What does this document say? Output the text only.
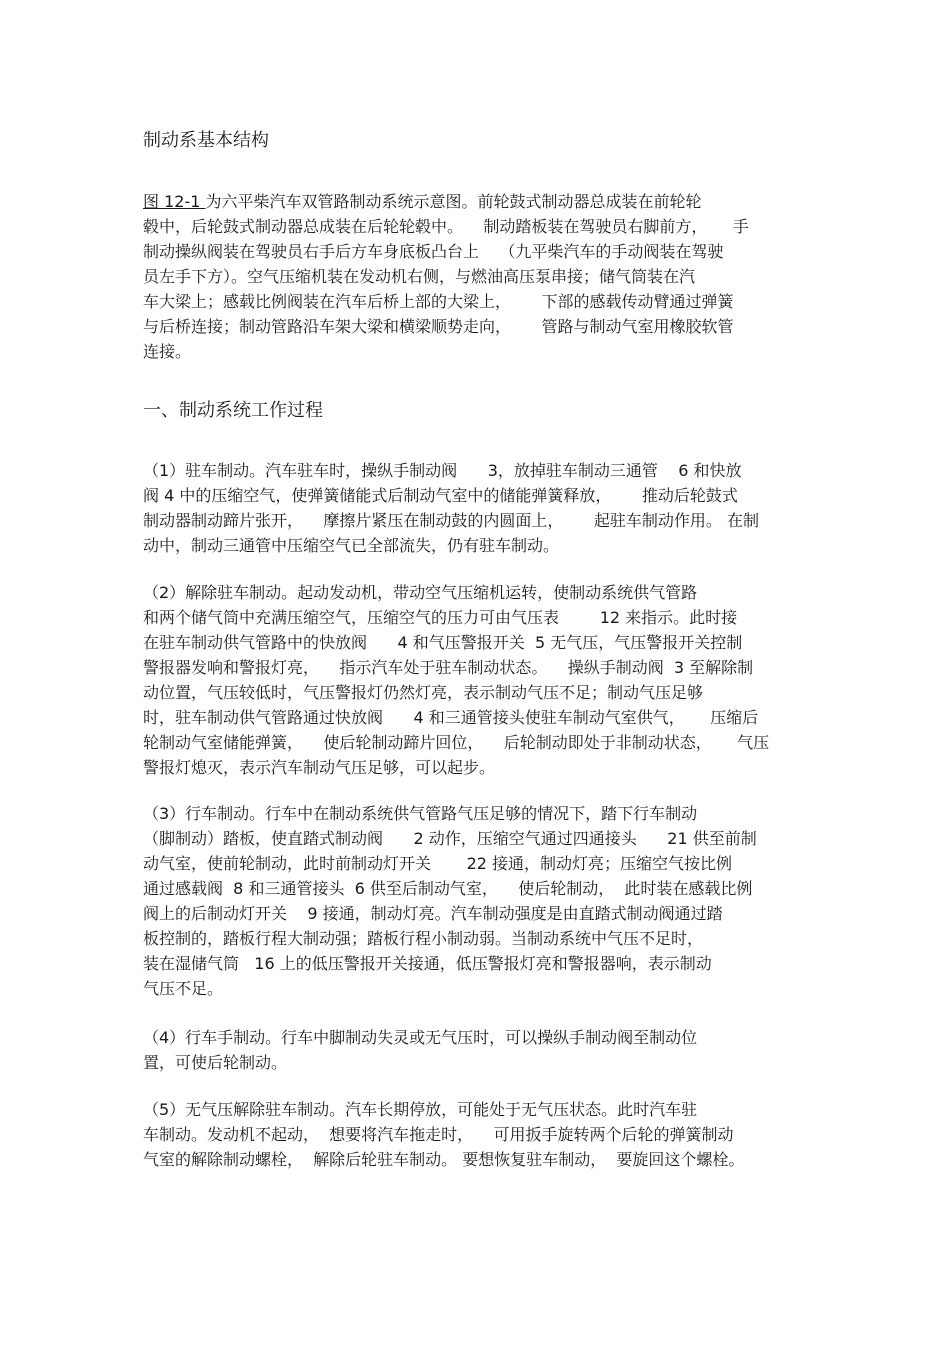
制动系基本结构
图 12-1 为六平柴汽车双管路制动系统示意图。前轮鼓式制动器总成装在前轮轮
毂中，后轮鼓式制动器总成装在后轮轮毂中。    制动踏板装在驾驶员右脚前方，     手
制动操纵阀装在驾驶员右手后方车身底板凸台上    （九平柴汽车的手动阀装在驾驶
员左手下方）。空气压缩机装在发动机右侧，与燃油高压泵串接；储气筒装在汽
车大梁上；感载比例阀装在汽车后桥上部的大梁上，      下部的感载传动臂通过弹簧
与后桥连接；制动管路沿车架大梁和横梁顺势走向，      管路与制动气室用橡胶软管
连接。
一、制动系统工作过程
（1）驻车制动。汽车驻车时，操纵手制动阀      3，放掉驻车制动三通管    6 和快放
阀 4 中的压缩空气，使弹簧储能式后制动气室中的储能弹簧释放，      推动后轮鼓式
制动器制动蹄片张开，    摩擦片紧压在制动鼓的内圆面上，      起驻车制动作用。 在制
动中，制动三通管中压缩空气已全部流失，仍有驻车制动。
（2）解除驻车制动。起动发动机，带动空气压缩机运转，使制动系统供气管路
和两个储气筒中充满压缩空气，压缩空气的压力可由气压表        12 来指示。此时接
在驻车制动供气管路中的快放阀      4 和气压警报开关  5 无气压，气压警报开关控制
警报器发响和警报灯亮，    指示汽车处于驻车制动状态。    操纵手制动阀  3 至解除制
动位置，气压较低时，气压警报灯仍然灯亮，表示制动气压不足；制动气压足够
时，驻车制动供气管路通过快放阀      4 和三通管接头使驻车制动气室供气，     压缩后
轮制动气室储能弹簧，    使后轮制动蹄片回位，    后轮制动即处于非制动状态，     气压
警报灯熄灭，表示汽车制动气压足够，可以起步。
（3）行车制动。行车中在制动系统供气管路气压足够的情况下，踏下行车制动
（脚制动）踏板，使直踏式制动阀      2 动作，压缩空气通过四通接头      21 供至前制
动气室，使前轮制动，此时前制动灯开关       22 接通，制动灯亮；压缩空气按比例
通过感载阀  8 和三通管接头  6 供至后制动气室，    使后轮制动，  此时装在感载比例
阀上的后制动灯开关    9 接通，制动灯亮。汽车制动强度是由直踏式制动阀通过踏
板控制的，踏板行程大制动强；踏板行程小制动弱。当制动系统中气压不足时，
装在湿储气筒   16 上的低压警报开关接通，低压警报灯亮和警报器响，表示制动
气压不足。
（4）行车手制动。行车中脚制动失灵或无气压时，可以操纵手制动阀至制动位
置，可使后轮制动。
（5）无气压解除驻车制动。汽车长期停放，可能处于无气压状态。此时汽车驻
车制动。发动机不起动，  想要将汽车拖走时，    可用扳手旋转两个后轮的弹簧制动
气室的解除制动螺栓，  解除后轮驻车制动。 要想恢复驻车制动，  要旋回这个螺栓。
